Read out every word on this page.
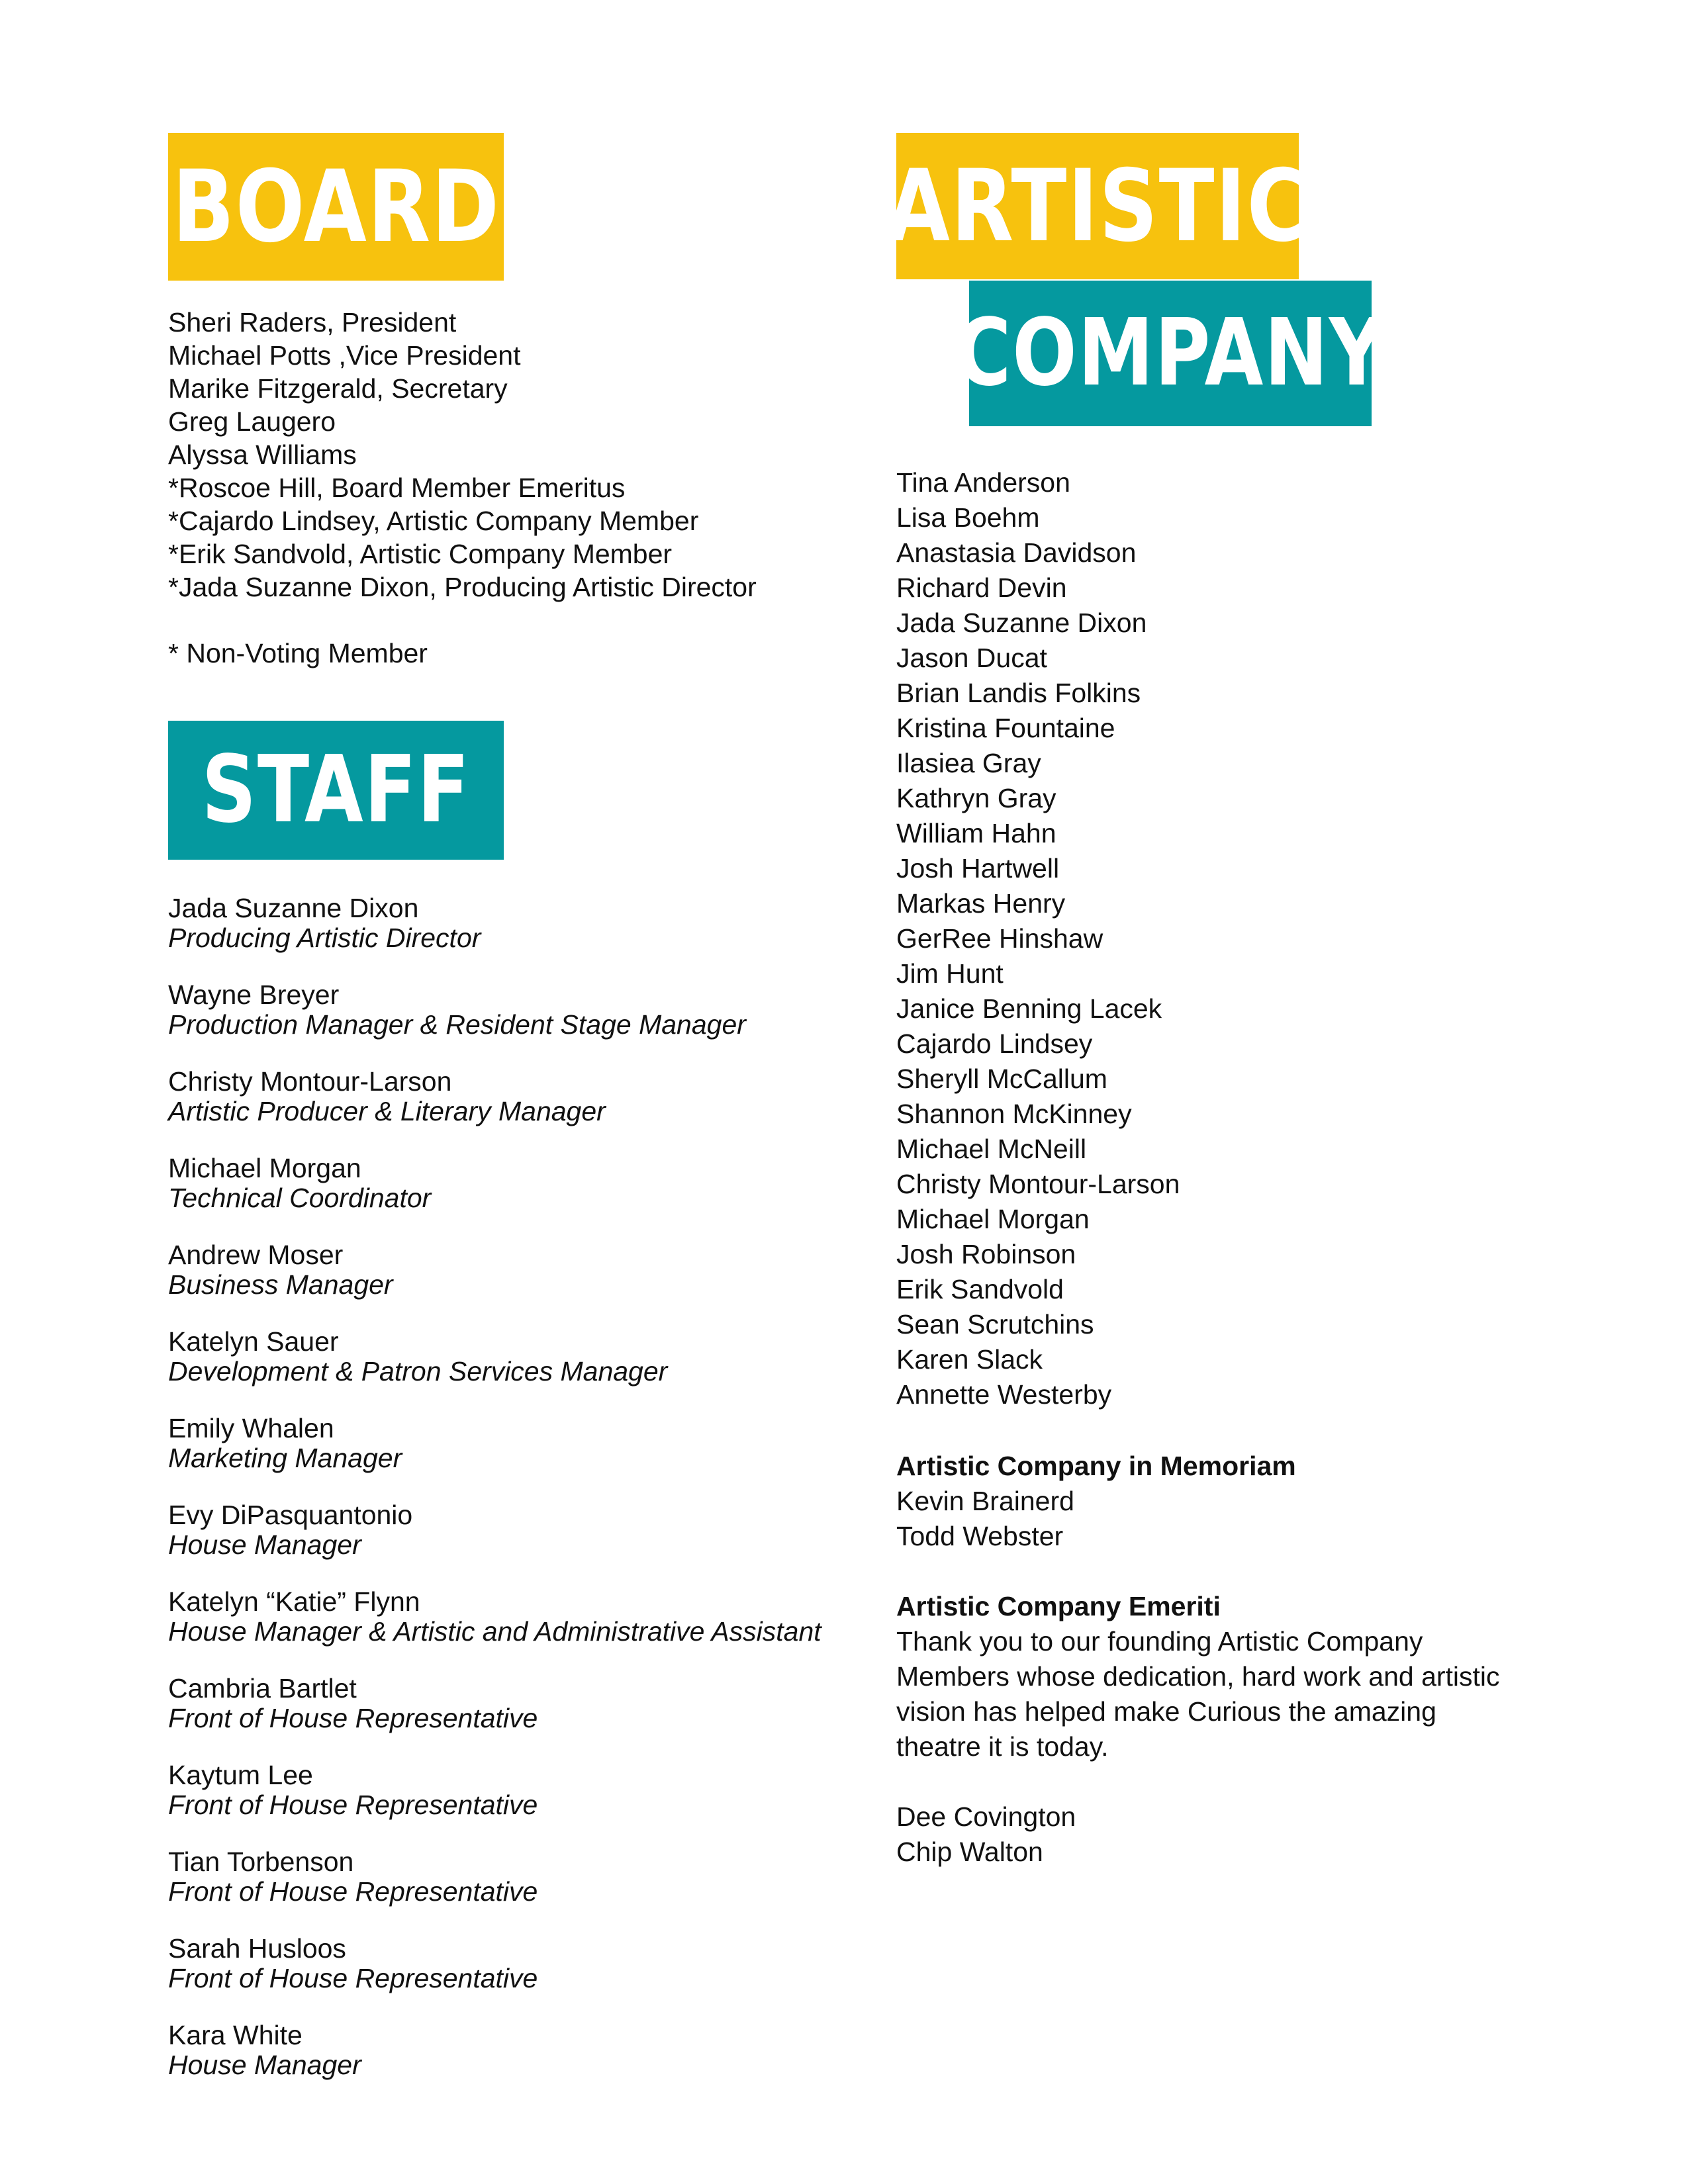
BOARD
Sheri Raders, President
Michael Potts ,Vice President
Marike Fitzgerald, Secretary
Greg Laugero
Alyssa Williams
*Roscoe Hill, Board Member Emeritus
*Cajardo Lindsey, Artistic Company Member
*Erik Sandvold, Artistic Company Member
*Jada Suzanne Dixon, Producing Artistic Director
* Non-Voting Member
STAFF
Jada Suzanne Dixon
Producing Artistic Director
Wayne Breyer
Production Manager & Resident Stage Manager
Christy Montour-Larson
Artistic Producer & Literary Manager
Michael Morgan
Technical Coordinator
Andrew Moser
Business Manager
Katelyn Sauer
Development & Patron Services Manager
Emily Whalen
Marketing Manager
Evy DiPasquantonio
House Manager
Katelyn “Katie” Flynn
House Manager & Artistic and Administrative Assistant
Cambria Bartlet
Front of House Representative
Kaytum Lee
Front of House Representative
Tian Torbenson
Front of House Representative
Sarah Husloos
Front of House Representative
Kara White
House Manager
ARTISTIC
COMPANY
Tina Anderson
Lisa Boehm
Anastasia Davidson
Richard Devin
Jada Suzanne Dixon
Jason Ducat
Brian Landis Folkins
Kristina Fountaine
Ilasiea Gray
Kathryn Gray
William Hahn
Josh Hartwell
Markas Henry
GerRee Hinshaw
Jim Hunt
Janice Benning Lacek
Cajardo Lindsey
Sheryll McCallum
Shannon McKinney
Michael McNeill
Christy Montour-Larson
Michael Morgan
Josh Robinson
Erik Sandvold
Sean Scrutchins
Karen Slack
Annette Westerby
Artistic Company in Memoriam
Kevin Brainerd
Todd Webster
Artistic Company Emeriti
Thank you to our founding Artistic Company
Members whose dedication, hard work and artistic
vision has helped make Curious the amazing
theatre it is today.
Dee Covington
Chip Walton
